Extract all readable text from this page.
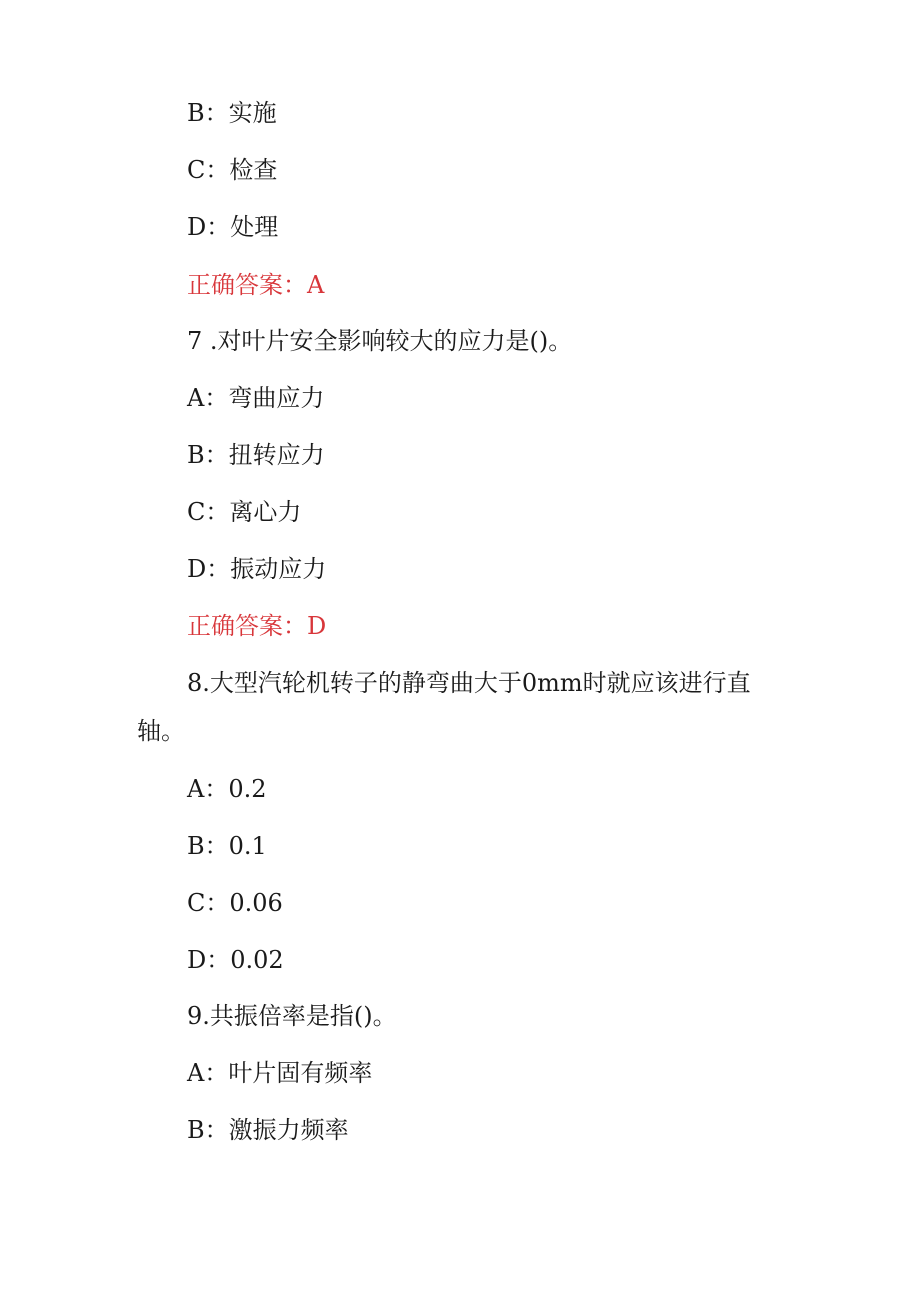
B：实施
C：检查
D：处理
正确答案：A
7 .对叶片安全影响较大的应力是()。
A：弯曲应力
B：扭转应力
C：离心力
D：振动应力
正确答案：D
8.大型汽轮机转子的静弯曲大于0mm时就应该进行直
轴。
A：0.2
B：0.1
C：0.06
D：0.02
9.共振倍率是指()。
A：叶片固有频率
B：激振力频率
